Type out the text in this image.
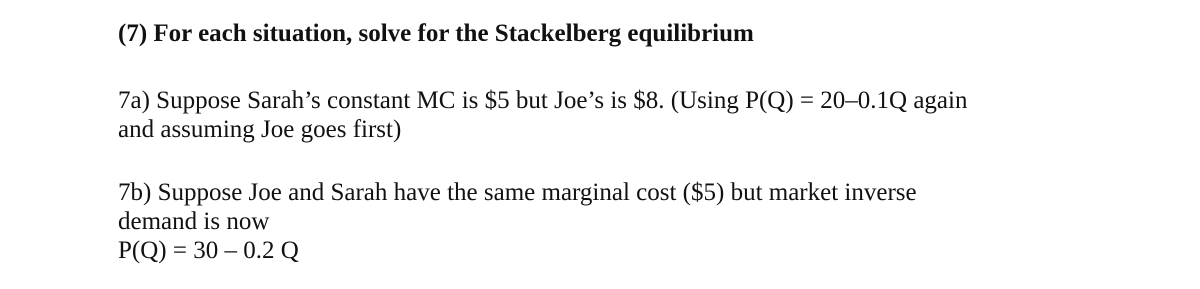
(7) For each situation, solve for the Stackelberg equilibrium
7a) Suppose Sarah’s constant MC is $5 but Joe’s is $8. (Using P(Q) = 20–0.1Q again
and assuming Joe goes first)
7b) Suppose Joe and Sarah have the same marginal cost ($5) but market inverse
demand is now
P(Q) = 30 – 0.2 Q
